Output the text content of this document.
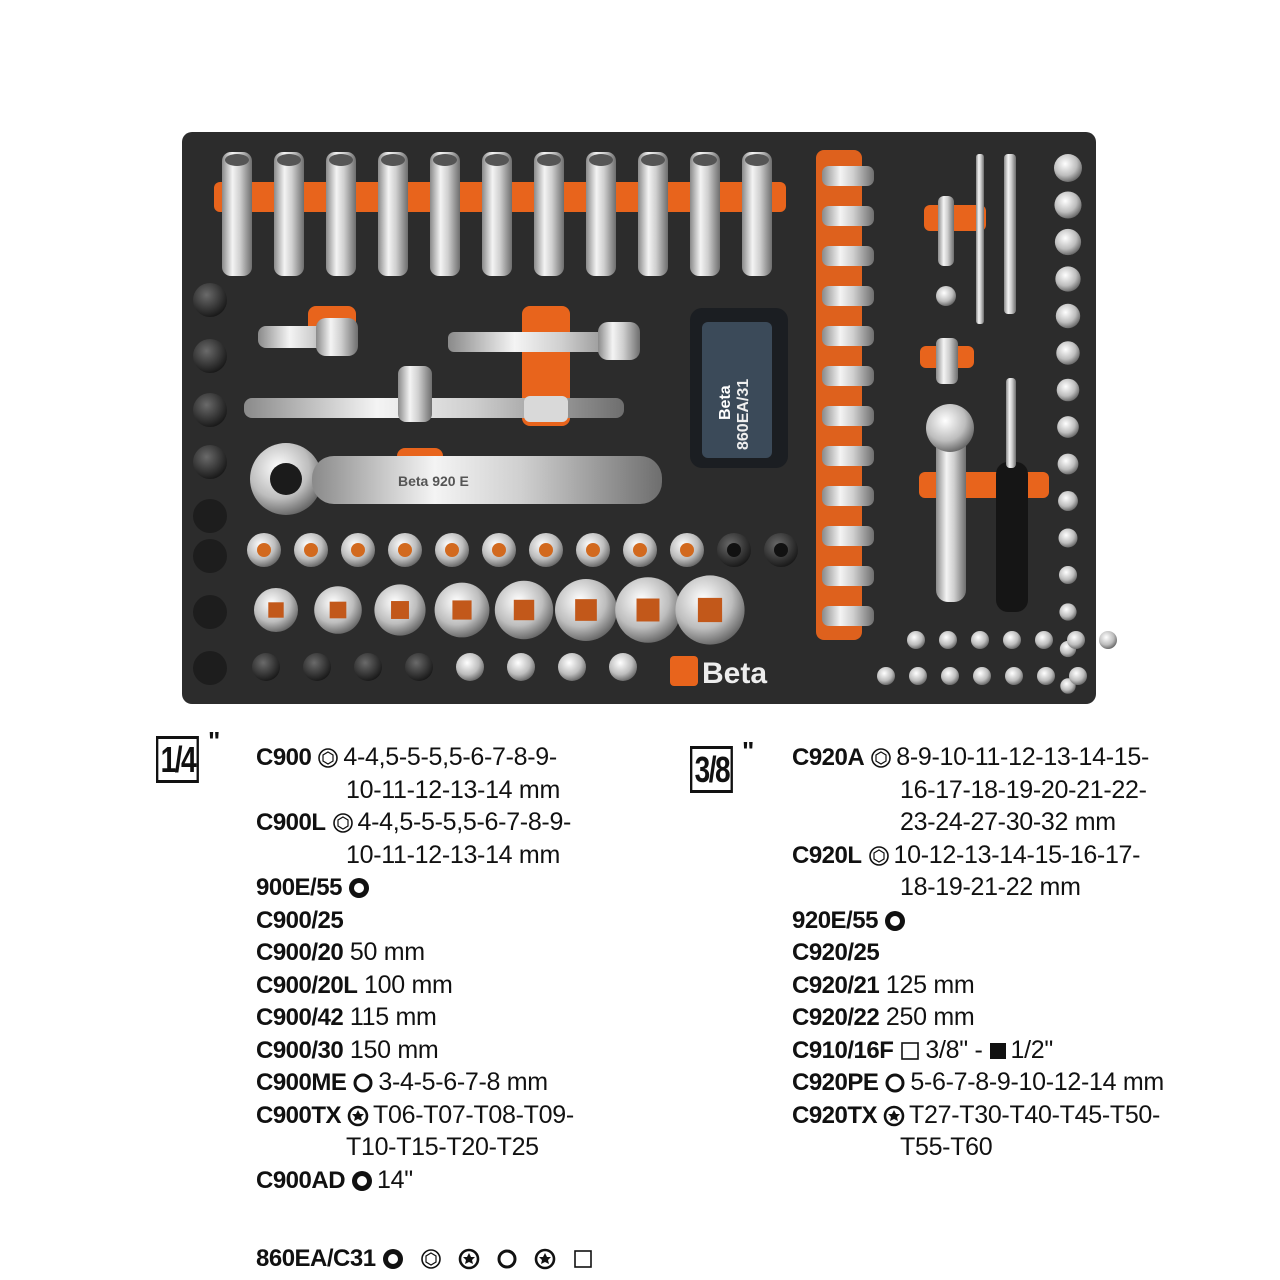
Beta 920 E
860EA/31
Beta
Beta
1/4 "
C900 4-4,5-5-5,5-6-7-8-9-
10-11-12-13-14 mm
C900L 4-4,5-5-5,5-6-7-8-9-
10-11-12-13-14 mm
900E/55
C900/25
C900/20 50 mm
C900/20L 100 mm
C900/42 115 mm
C900/30 150 mm
C900ME 3-4-5-6-7-8 mm
C900TX T06-T07-T08-T09-
T10-T15-T20-T25
C900AD 14"
860EA/C31
3/8 " C920A 8-9-10-11-12-13-14-15-
16-17-18-19-20-21-22-
23-24-27-30-32 mm
C920L 10-12-13-14-15-16-17-
18-19-21-22 mm
920E/55
C920/25
C920/21 125 mm
C920/22 250 mm
C910/16F 3/8" - 1/2"
C920PE 5-6-7-8-9-10-12-14 mm
C920TX T27-T30-T40-T45-T50-
T55-T60
